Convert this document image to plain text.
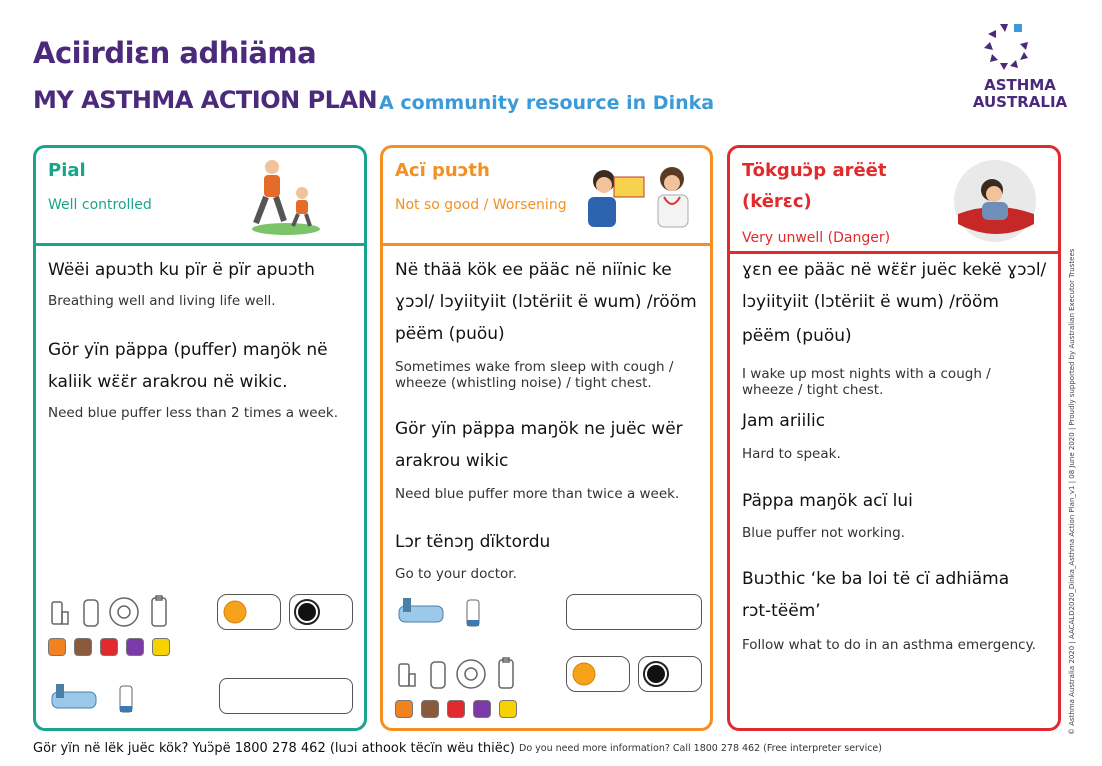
Aciirdiɛn adhiäma
MY ASTHMA ACTION PLAN A community resource in Dinka
ASTHMA
AUSTRALIA
Pial
Well controlled
Wëëi apuɔth ku pïr ë pïr apuɔth
Breathing well and living life well.
Gör yïn päppa (puffer) maŋök në
kaliik wɛ̈ɛ̈r arakrou në wikic.
Need blue puffer less than 2 times a week.
Acï puɔth
Not so good / Worsening
Në thää kök ee pääc në niïnic ke
ɣɔɔl/ lɔyiityiit (lɔtëriit ë wum) /rööm
pëëm (puöu)
Sometimes wake from sleep with cough /
wheeze (whistling noise) / tight chest.
Gör yïn päppa maŋök ne juëc wër
arakrou wikic
Need blue puffer more than twice a week.
Lɔr tënɔŋ dïktordu
Go to your doctor.
Tökguɔ̈p arëët
(kërɛc)
Very unwell (Danger)
ɣɛn ee pääc në wɛ̈ɛ̈r juëc kekë ɣɔɔl/
lɔyiityiit (lɔtëriit ë wum) /rööm
pëëm (puöu)
I wake up most nights with a cough /
wheeze / tight chest.
Jam ariilic
Hard to speak.
Päppa maŋök acï lui
Blue puffer not working.
Buɔthic ‘ke ba loi të cï adhiäma
rɔt-tëëm’
Follow what to do in an asthma emergency.
Gör yïn në lëk juëc kök? Yuɔ̈pë 1800 278 462 (luɔi athook tëcïn wëu thiëc) Do you need more information? Call 1800 278 462 (Free interpreter service)
© Asthma Australia 2020 | AACALD2020_Dinka_Asthma Action Plan_v1 | 08 June 2020 | Proudly supported by Australian Executor Trustees
